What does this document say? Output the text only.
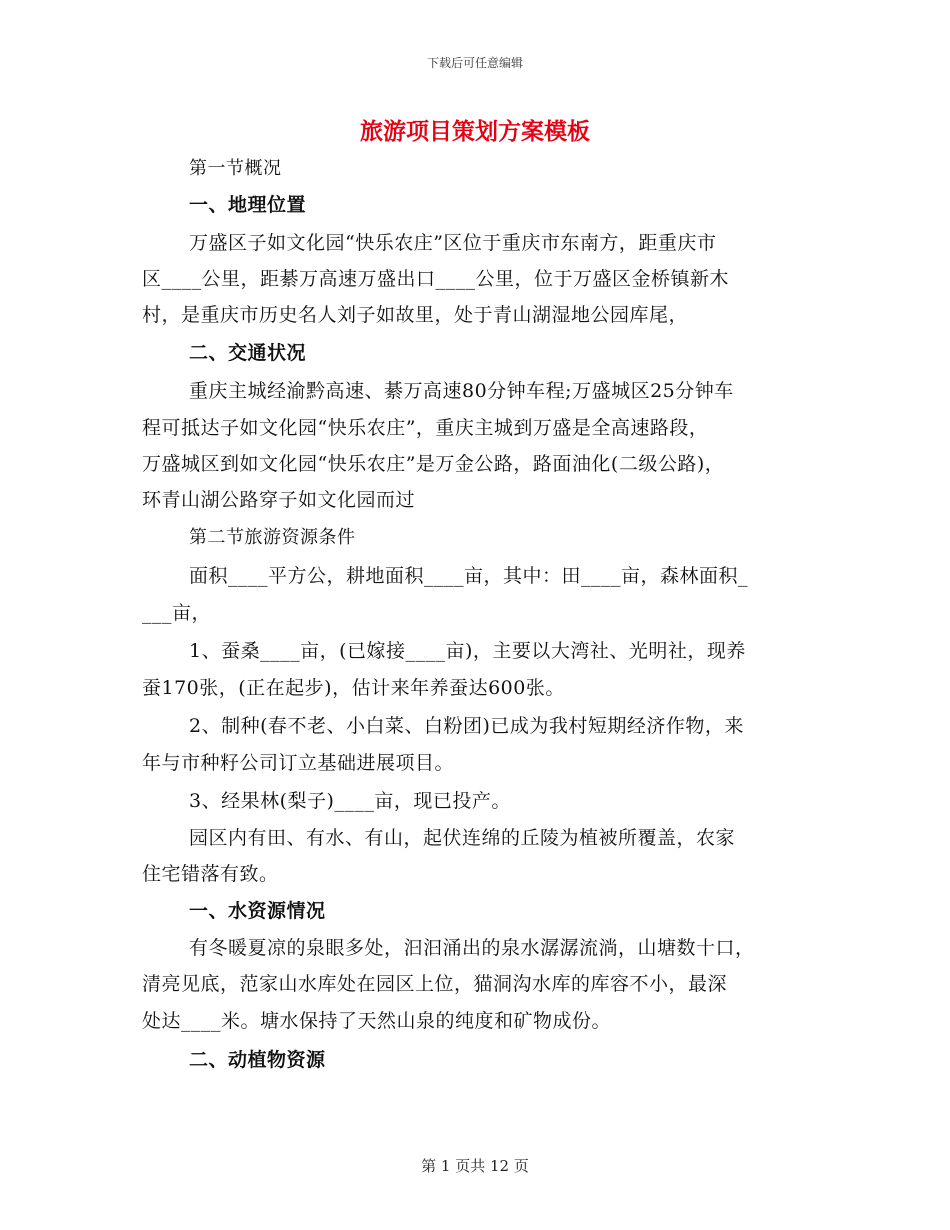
下载后可任意编辑
旅游项目策划方案模板
第一节概况
一、地理位置
万盛区子如文化园“快乐农庄”区位于重庆市东南方，距重庆市
区____公里，距綦万高速万盛出口____公里，位于万盛区金桥镇新木
村，是重庆市历史名人刘子如故里，处于青山湖湿地公园库尾，
二、交通状况
重庆主城经渝黔高速、綦万高速80分钟车程;万盛城区25分钟车
程可抵达子如文化园“快乐农庄”，重庆主城到万盛是全高速路段，
万盛城区到如文化园“快乐农庄”是万金公路，路面油化(二级公路)，
环青山湖公路穿子如文化园而过
第二节旅游资源条件
面积____平方公，耕地面积____亩，其中：田____亩，森林面积_
___亩，
1、蚕桑____亩，(已嫁接____亩)，主要以大湾社、光明社，现养
蚕170张，(正在起步)，估计来年养蚕达600张。
2、制种(春不老、小白菜、白粉团)已成为我村短期经济作物，来
年与市种籽公司订立基础进展项目。
3、经果林(梨子)____亩，现已投产。
园区内有田、有水、有山，起伏连绵的丘陵为植被所覆盖，农家
住宅错落有致。
一、水资源情况
有冬暖夏凉的泉眼多处，汩汩涌出的泉水潺潺流淌，山塘数十口，
清亮见底，范家山水库处在园区上位，猫洞沟水库的库容不小，最深
处达____米。塘水保持了天然山泉的纯度和矿物成份。
二、动植物资源
第 1 页共 12 页
